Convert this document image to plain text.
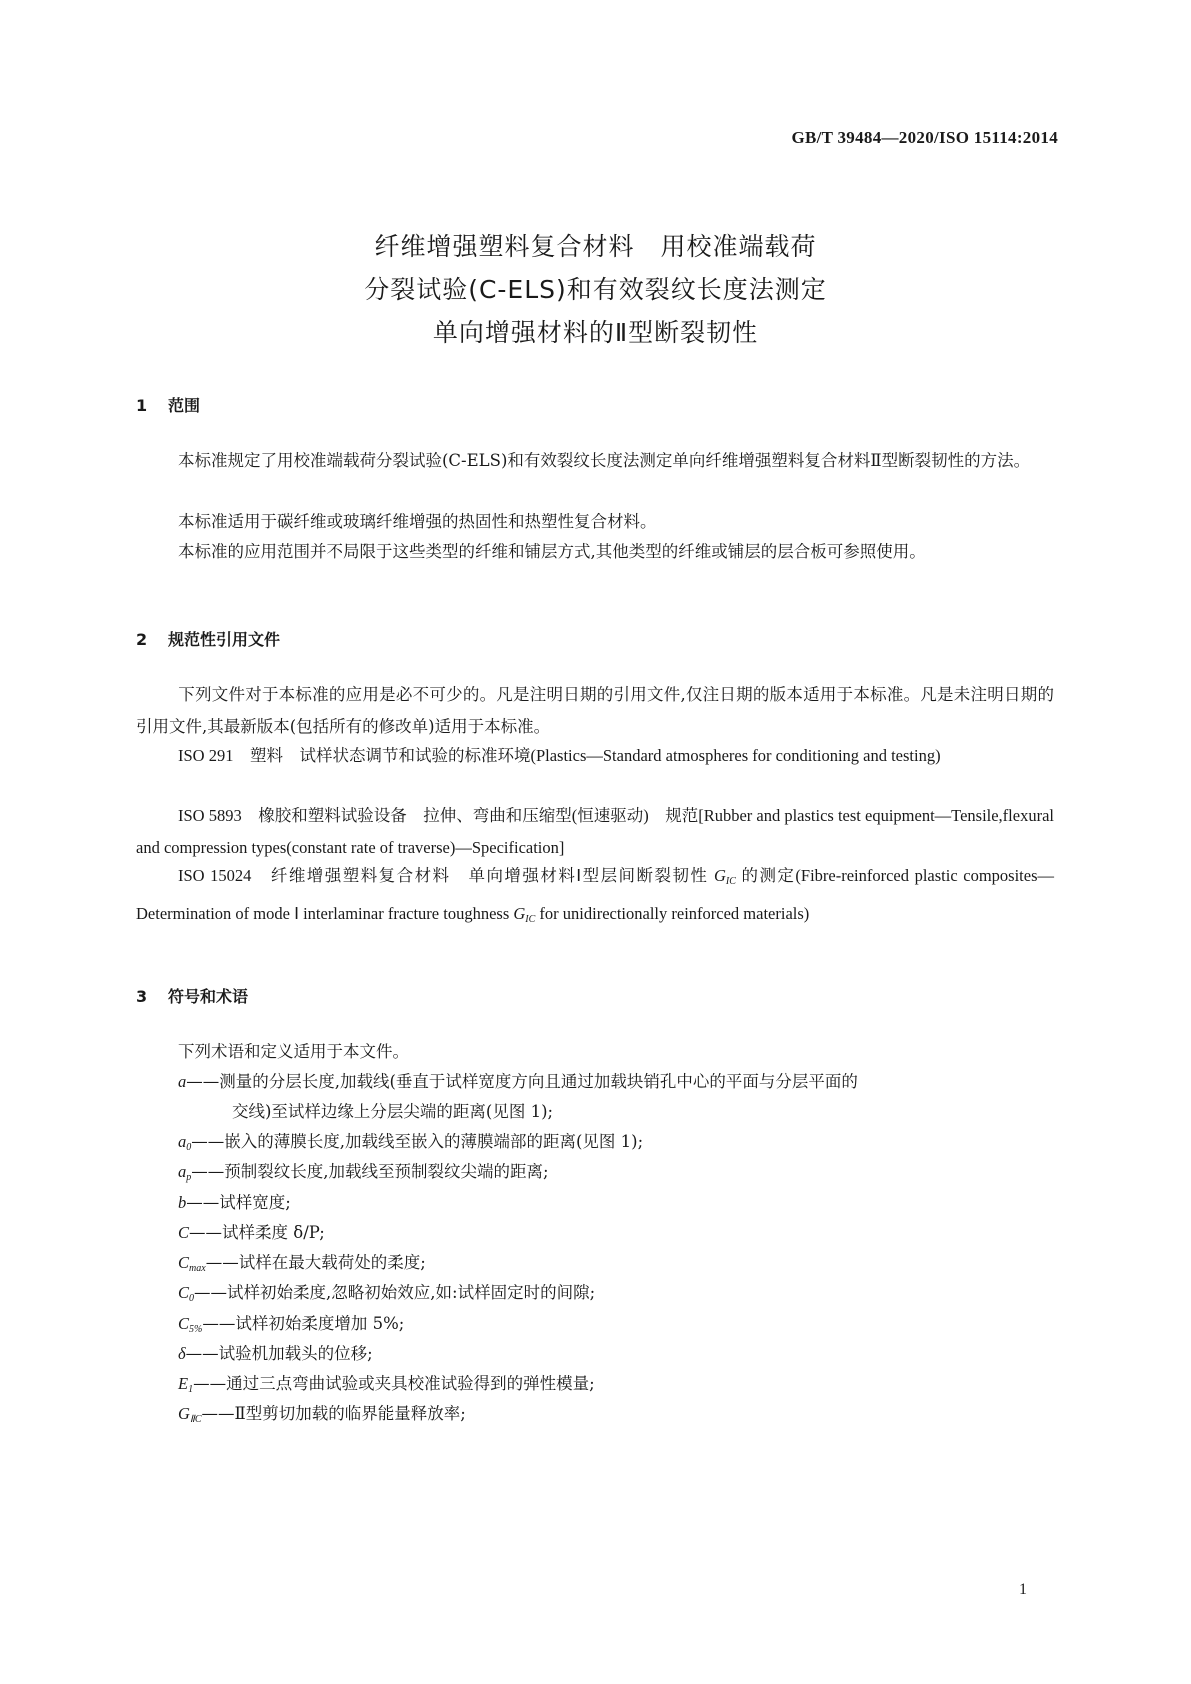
GB/T 39484—2020/ISO 15114:2014
纤维增强塑料复合材料　用校准端载荷
分裂试验(C-ELS)和有效裂纹长度法测定
单向增强材料的Ⅱ型断裂韧性
1 范围
本标准规定了用校准端载荷分裂试验(C-ELS)和有效裂纹长度法测定单向纤维增强塑料复合材料Ⅱ型断裂韧性的方法。
本标准适用于碳纤维或玻璃纤维增强的热固性和热塑性复合材料。
本标准的应用范围并不局限于这些类型的纤维和铺层方式,其他类型的纤维或铺层的层合板可参照使用。
2 规范性引用文件
下列文件对于本标准的应用是必不可少的。凡是注明日期的引用文件,仅注日期的版本适用于本标准。凡是未注明日期的引用文件,其最新版本(包括所有的修改单)适用于本标准。
ISO 291　塑料　试样状态调节和试验的标准环境(Plastics—Standard atmospheres for conditioning and testing)
ISO 5893　橡胶和塑料试验设备　拉伸、弯曲和压缩型(恒速驱动)　规范[Rubber and plastics test equipment—Tensile,flexural and compression types(constant rate of traverse)—Specification]
ISO 15024　纤维增强塑料复合材料　单向增强材料Ⅰ型层间断裂韧性 $G_{IC}$ 的测定(Fibre-reinforced plastic composites—Determination of mode Ⅰ interlaminar fracture toughness $G_{IC}$ for unidirectionally reinforced materials)
3 符号和术语
下列术语和定义适用于本文件。
a——测量的分层长度,加载线(垂直于试样宽度方向且通过加载块销孔中心的平面与分层平面的
交线)至试样边缘上分层尖端的距离(见图 1);
$a_0——$嵌入的薄膜长度,加载线至嵌入的薄膜端部的距离(见图 1);
$a_p——$预制裂纹长度,加载线至预制裂纹尖端的距离;
b——试样宽度;
C——试样柔度 δ/P;
$C_{max}——$试样在最大载荷处的柔度;
$C_0——$试样初始柔度,忽略初始效应,如:试样固定时的间隙;
$C_{5\%}——$试样初始柔度增加 5%;
δ——试验机加载头的位移;
$E_1——$通过三点弯曲试验或夹具校准试验得到的弹性模量;
$G_{ⅡC}——Ⅱ$型剪切加载的临界能量释放率;
1
